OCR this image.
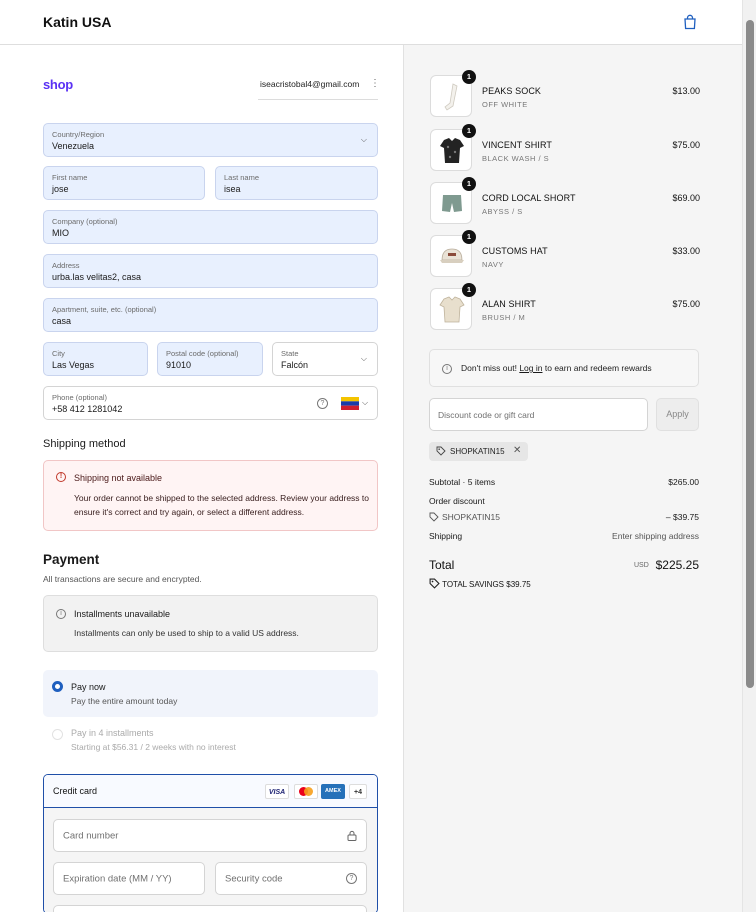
Katin USA
shop	iseacristobal4@gmail.com ⋮
Country/Region
Venezuela
⌵
First name
jose
Last name
isea
Company (optional)
MIO
Address
urba.las velitas2, casa
Apartment, suite, etc. (optional)
casa
City
Las Vegas
Postal code (optional)
91010
State
Falcón
⌵
Phone (optional)
+58 412 1281042
?	⌵
Shipping method
!	Shipping not available
Your order cannot be shipped to the selected address. Review your address to ensure it's correct and try again, or select a different address.
Payment
All transactions are secure and encrypted.
i	Installments unavailable
Installments can only be used to ship to a valid US address.
Pay now
Pay the entire amount today
Pay in 4 installments
Starting at $56.31 / 2 weeks with no interest
Credit card	VISA	AMEX	+4
Card number
Expiration date (MM / YY)	Security code	?
1
PEAKS SOCK
OFF WHITE
$13.00
1
VINCENT SHIRT
BLACK WASH / S
$75.00
1
CORD LOCAL SHORT
ABYSS / S
$69.00
1
CUSTOMS HAT
NAVY
$33.00
1
ALAN SHIRT
BRUSH / M
$75.00
i	Don't miss out! Log in to earn and redeem rewards
Discount code or gift card	Apply
SHOPKATIN15 ✕
Subtotal · 5 items	$265.00
Order discount
SHOPKATIN15	– $39.75
Shipping	Enter shipping address
Total	USD $225.25
TOTAL SAVINGS $39.75
